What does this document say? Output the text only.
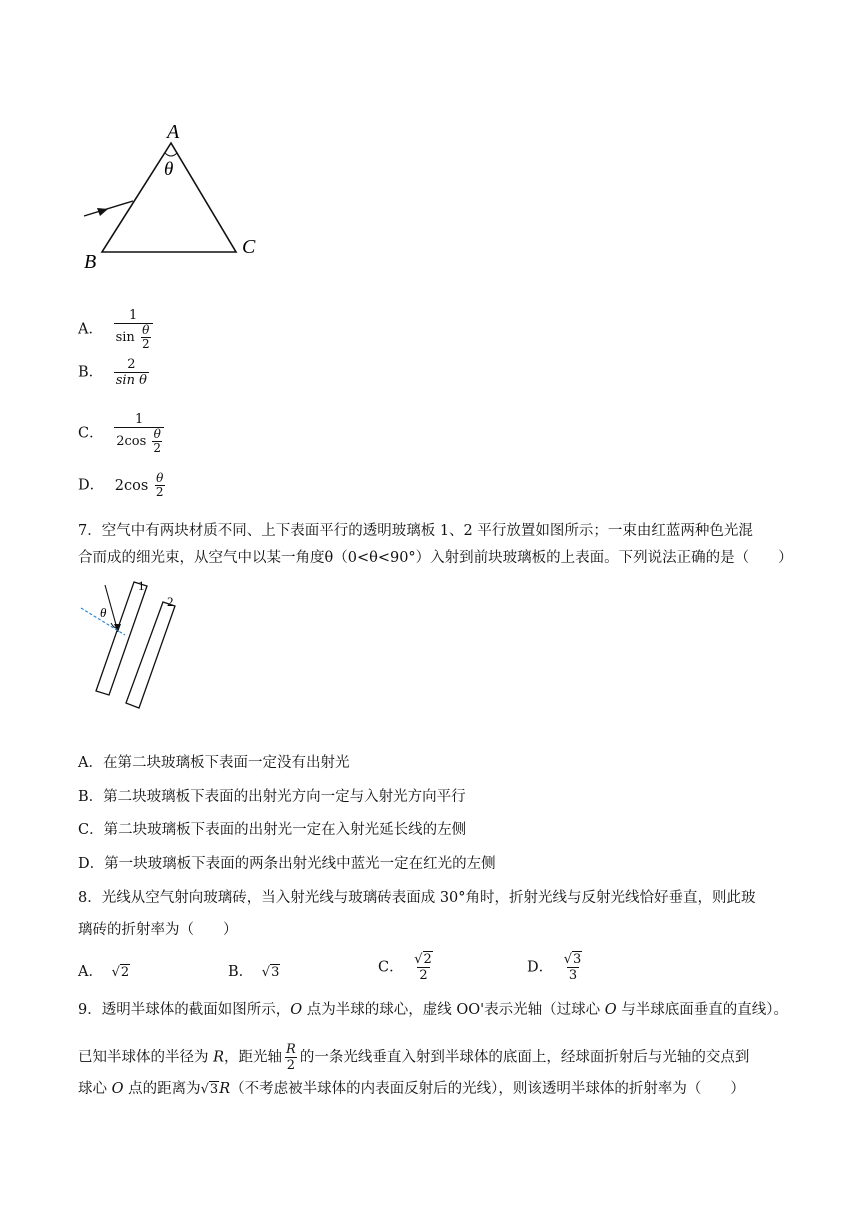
A
θ
B
C
A． $\frac{1}{\sin \frac{\theta}{2}}$
B． $\frac{2}{\text{sin θ}}$
C． $\frac{1}{2\cos \frac{\theta}{2}}$
D． $2\cos \frac{\theta}{2}$
7．空气中有两块材质不同、上下表面平行的透明玻璃板 1、2 平行放置如图所示；一束由红蓝两种色光混
合而成的细光束，从空气中以某一角度θ（0<θ<90°）入射到前块玻璃板的上表面。下列说法正确的是（　　）
θ
1
2
A．在第二块玻璃板下表面一定没有出射光
B．第二块玻璃板下表面的出射光方向一定与入射光方向平行
C．第二块玻璃板下表面的出射光一定在入射光延长线的左侧
D．第一块玻璃板下表面的两条出射光线中蓝光一定在红光的左侧
8．光线从空气射向玻璃砖，当入射光线与玻璃砖表面成 30°角时，折射光线与反射光线恰好垂直，则此玻
璃砖的折射率为（　　）
A． √2	B． √3	C． $\frac{√2}{2}$	D． $\frac{√3}{3}$
9．透明半球体的截面如图所示，O 点为半球的球心，虚线 OO'表示光轴（过球心 O 与半球底面垂直的直线）。
已知半球体的半径为 R，距光轴 $\frac{R}{2}$ 的一条光线垂直入射到半球体的底面上，经球面折射后与光轴的交点到
球心 O 点的距离为√3R（不考虑被半球体的内表面反射后的光线），则该透明半球体的折射率为（　　）
